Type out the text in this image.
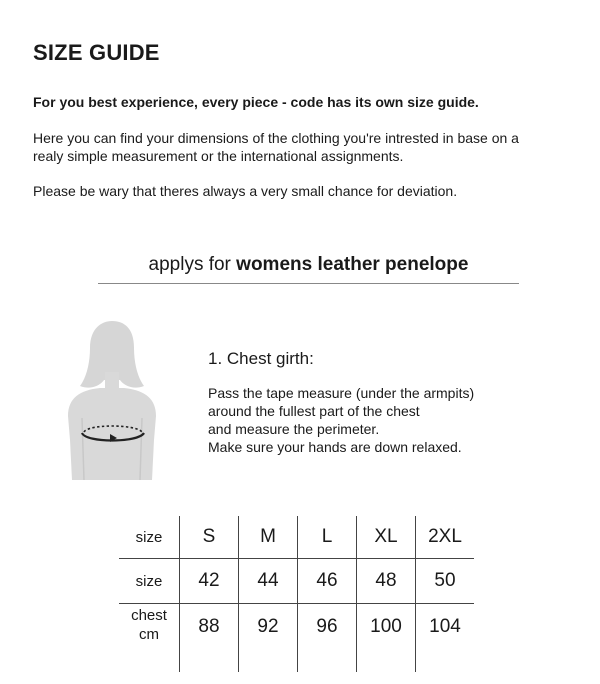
SIZE GUIDE

For you best experience, every piece - code has its own size guide.

Here you can find your dimensions of the clothing you're intrested in base on a
realy simple measurement or the international assignments.

Please be wary that theres always a very small chance for deviation.

applys for womens leather penelope
1. Chest girth:
Pass the tape measure (under the armpits)
around the fullest part of the chest
and measure the perimeter.
Make sure your hands are down relaxed.
size	S	M	L	XL	2XL
size	42	44	46	48	50
chest
cm	88	92	96	100	104
